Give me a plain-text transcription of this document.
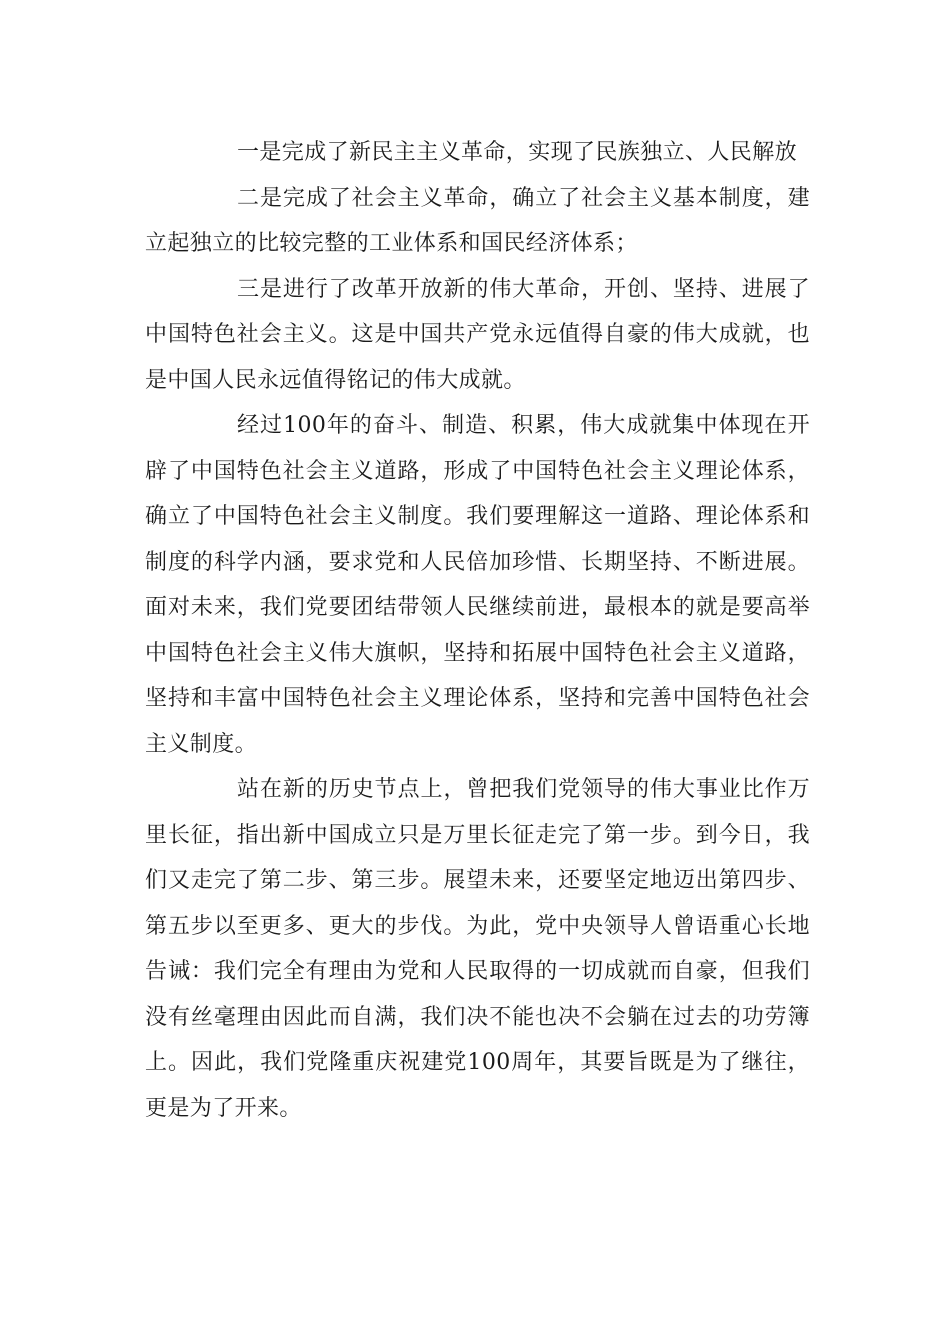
一是完成了新民主主义革命，实现了民族独立、人民解放

二是完成了社会主义革命，确立了社会主义基本制度，建立起独立的比较完整的工业体系和国民经济体系；

三是进行了改革开放新的伟大革命，开创、坚持、进展了中国特色社会主义。这是中国共产党永远值得自豪的伟大成就，也是中国人民永远值得铭记的伟大成就。

经过100年的奋斗、制造、积累，伟大成就集中体现在开辟了中国特色社会主义道路，形成了中国特色社会主义理论体系，确立了中国特色社会主义制度。我们要理解这一道路、理论体系和制度的科学内涵，要求党和人民倍加珍惜、长期坚持、不断进展。面对未来，我们党要团结带领人民继续前进，最根本的就是要高举中国特色社会主义伟大旗帜，坚持和拓展中国特色社会主义道路，坚持和丰富中国特色社会主义理论体系，坚持和完善中国特色社会主义制度。

站在新的历史节点上，曾把我们党领导的伟大事业比作万里长征，指出新中国成立只是万里长征走完了第一步。到今日，我们又走完了第二步、第三步。展望未来，还要坚定地迈出第四步、第五步以至更多、更大的步伐。为此，党中央领导人曾语重心长地告诫：我们完全有理由为党和人民取得的一切成就而自豪，但我们没有丝毫理由因此而自满，我们决不能也决不会躺在过去的功劳簿上。因此，我们党隆重庆祝建党100周年，其要旨既是为了继往，更是为了开来。
